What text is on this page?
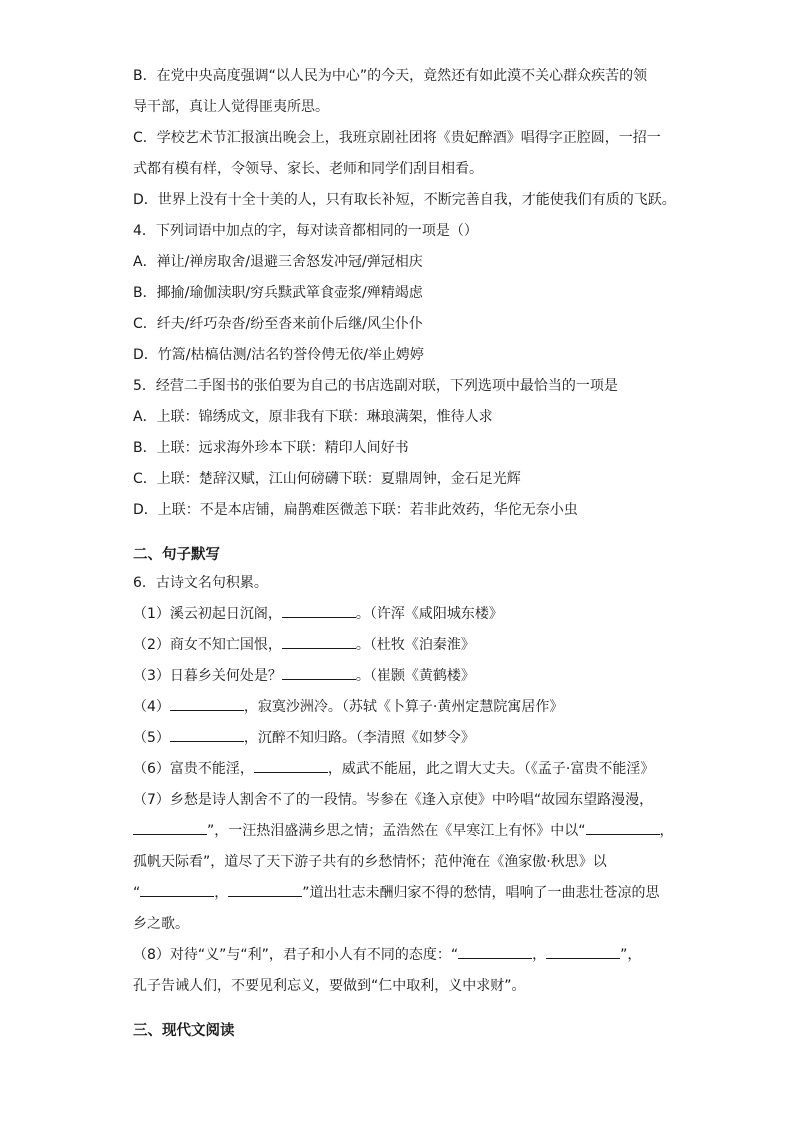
B．在党中央高度强调“以人民为中心”的今天，竟然还有如此漠不关心群众疾苦的领
导干部，真让人觉得匪夷所思。
C．学校艺术节汇报演出晚会上，我班京剧社团将《贵妃醉酒》唱得字正腔圆，一招一
式都有模有样，令领导、家长、老师和同学们刮目相看。
D．世界上没有十全十美的人，只有取长补短，不断完善自我，才能使我们有质的飞跃。
4．下列词语中加点的字，每对读音都相同的一项是（）
A．禅让/禅房取舍/退避三舍怒发冲冠/弹冠相庆
B．揶揄/瑜伽渎职/穷兵黩武箪食壶浆/殚精竭虑
C．纤夫/纤巧杂沓/纷至沓来前仆后继/风尘仆仆
D．竹篙/枯槁估测/沽名钓誉伶俜无依/举止娉婷
5．经营二手图书的张伯要为自己的书店选副对联，下列选项中最恰当的一项是
A．上联：锦绣成文，原非我有下联：琳琅满架，惟待人求
B．上联：远求海外珍本下联：精印人间好书
C．上联：楚辞汉赋，江山何磅礴下联：夏鼎周钟，金石足光辉
D．上联：不是本店铺，扁鹊难医微恙下联：若非此效药，华佗无奈小虫
二、句子默写
6．古诗文名句积累。
（1）溪云初起日沉阁，	。（许浑《咸阳城东楼》
（2）商女不知亡国恨，	。（杜牧《泊秦淮》
（3）日暮乡关何处是？	。（崔颢《黄鹤楼》
（4）	，寂寞沙洲冷。（苏轼《卜算子·黄州定慧院寓居作》
（5）	，沉醉不知归路。（李清照《如梦令》
（6）富贵不能淫，	，威武不能屈，此之谓大丈夫。（《孟子·富贵不能淫》
（7）乡愁是诗人割舍不了的一段情。岑参在《逢入京使》中吟唱“故园东望路漫漫，
”，一汪热泪盛满乡思之情；孟浩然在《早寒江上有怀》中以“	，
孤帆天际看”，道尽了天下游子共有的乡愁情怀；范仲淹在《渔家傲·秋思》以
“	，	”道出壮志未酬归家不得的愁情，唱响了一曲悲壮苍凉的思
乡之歌。
（8）对待“义”与“利”，君子和小人有不同的态度：“	，	”，
孔子告诫人们，不要见利忘义，要做到“仁中取利，义中求财”。
三、现代文阅读
